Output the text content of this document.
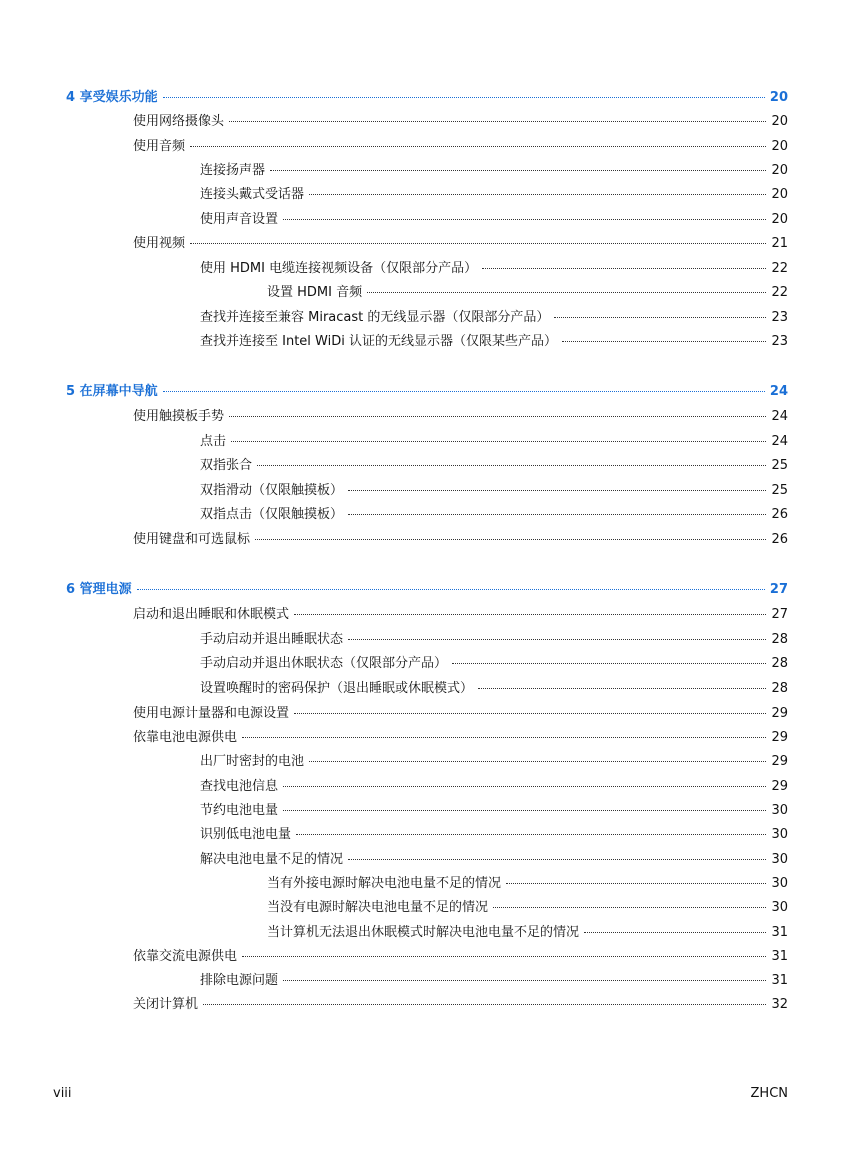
4 享受娱乐功能	20
使用网络摄像头	20
使用音频	20
连接扬声器	20
连接头戴式受话器	20
使用声音设置	20
使用视频	21
使用 HDMI 电缆连接视频设备（仅限部分产品）	22
设置 HDMI 音频	22
查找并连接至兼容 Miracast 的无线显示器（仅限部分产品）	23
查找并连接至 Intel WiDi 认证的无线显示器（仅限某些产品）	23
5 在屏幕中导航	24
使用触摸板手势	24
点击	24
双指张合	25
双指滑动（仅限触摸板）	25
双指点击（仅限触摸板）	26
使用键盘和可选鼠标	26
6 管理电源	27
启动和退出睡眠和休眠模式	27
手动启动并退出睡眠状态	28
手动启动并退出休眠状态（仅限部分产品）	28
设置唤醒时的密码保护（退出睡眠或休眠模式）	28
使用电源计量器和电源设置	29
依靠电池电源供电	29
出厂时密封的电池	29
查找电池信息	29
节约电池电量	30
识别低电池电量	30
解决电池电量不足的情况	30
当有外接电源时解决电池电量不足的情况	30
当没有电源时解决电池电量不足的情况	30
当计算机无法退出休眠模式时解决电池电量不足的情况	31
依靠交流电源供电	31
排除电源问题	31
关闭计算机	32
viii	ZHCN
